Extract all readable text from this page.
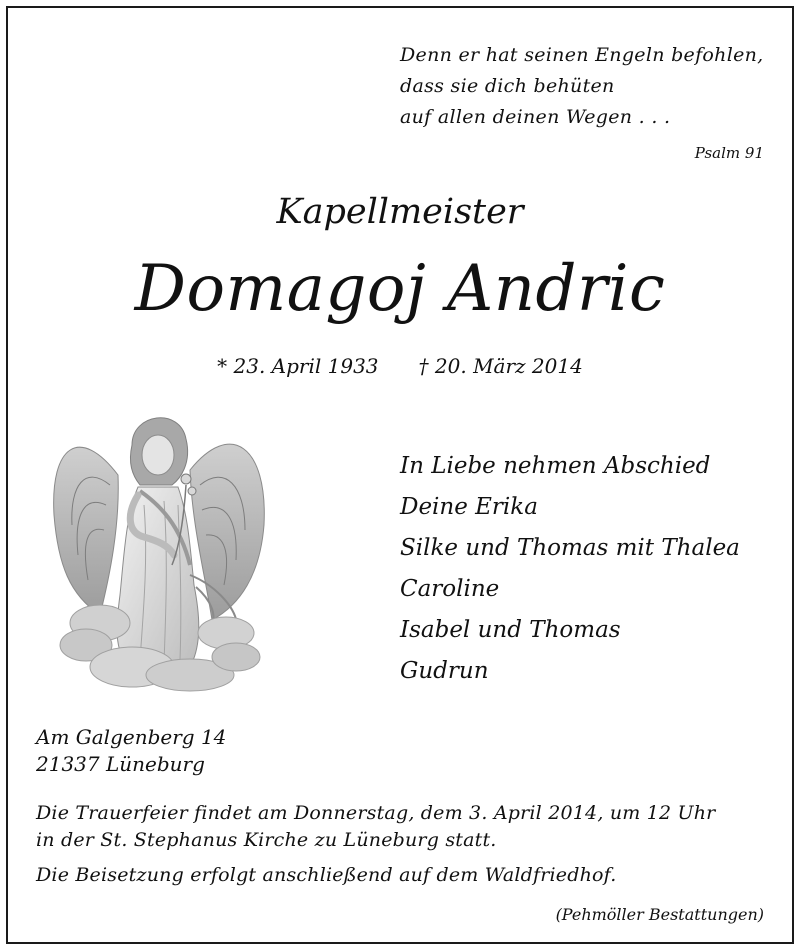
Denn er hat seinen Engeln befohlen,
dass sie dich behüten
auf allen deinen Wegen . . .
Psalm 91
Kapellmeister
Domagoj Andric
* 23. April 1933 † 20. März 2014
In Liebe nehmen Abschied
Deine Erika
Silke und Thomas mit Thalea
Caroline
Isabel und Thomas
Gudrun
Am Galgenberg 14
21337 Lüneburg
Die Trauerfeier findet am Donnerstag, dem 3. April 2014, um 12 Uhr
in der St. Stephanus Kirche zu Lüneburg statt.
Die Beisetzung erfolgt anschließend auf dem Waldfriedhof.
(Pehmöller Bestattungen)
